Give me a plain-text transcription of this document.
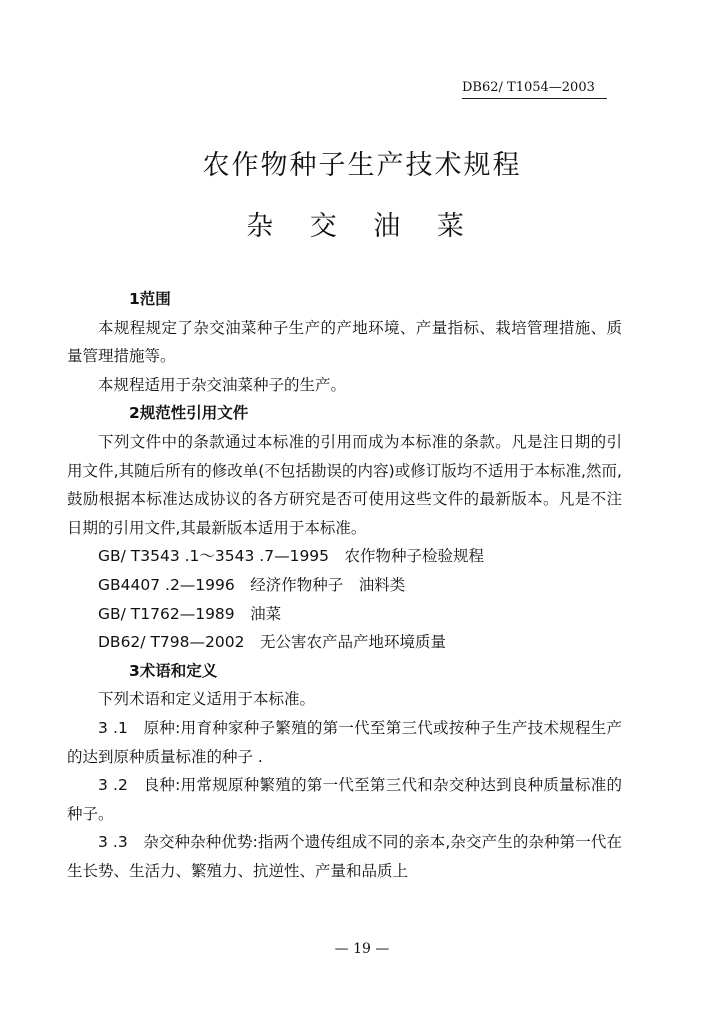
DB62/ T1054—2003
农作物种子生产技术规程
杂 交 油 菜

1范围

本规程规定了杂交油菜种子生产的产地环境、产量指标、栽培管理措施、质量管理措施等。

本规程适用于杂交油菜种子的生产。

2规范性引用文件

下列文件中的条款通过本标准的引用而成为本标准的条款。凡是注日期的引用文件,其随后所有的修改单(不包括勘误的内容)或修订版均不适用于本标准,然而,鼓励根据本标准达成协议的各方研究是否可使用这些文件的最新版本。凡是不注日期的引用文件,其最新版本适用于本标准。

GB/ T3543 .1～3543 .7—1995  农作物种子检验规程

GB4407 .2—1996  经济作物种子　油料类

GB/ T1762—1989  油菜

DB62/ T798—2002  无公害农产品产地环境质量

3术语和定义

下列术语和定义适用于本标准。

3 .1  原种:用育种家种子繁殖的第一代至第三代或按种子生产技术规程生产的达到原种质量标准的种子 .

3 .2  良种:用常规原种繁殖的第一代至第三代和杂交种达到良种质量标准的种子。

3 .3  杂交种杂种优势:指两个遗传组成不同的亲本,杂交产生的杂种第一代在生长势、生活力、繁殖力、抗逆性、产量和品质上

— 19 —
